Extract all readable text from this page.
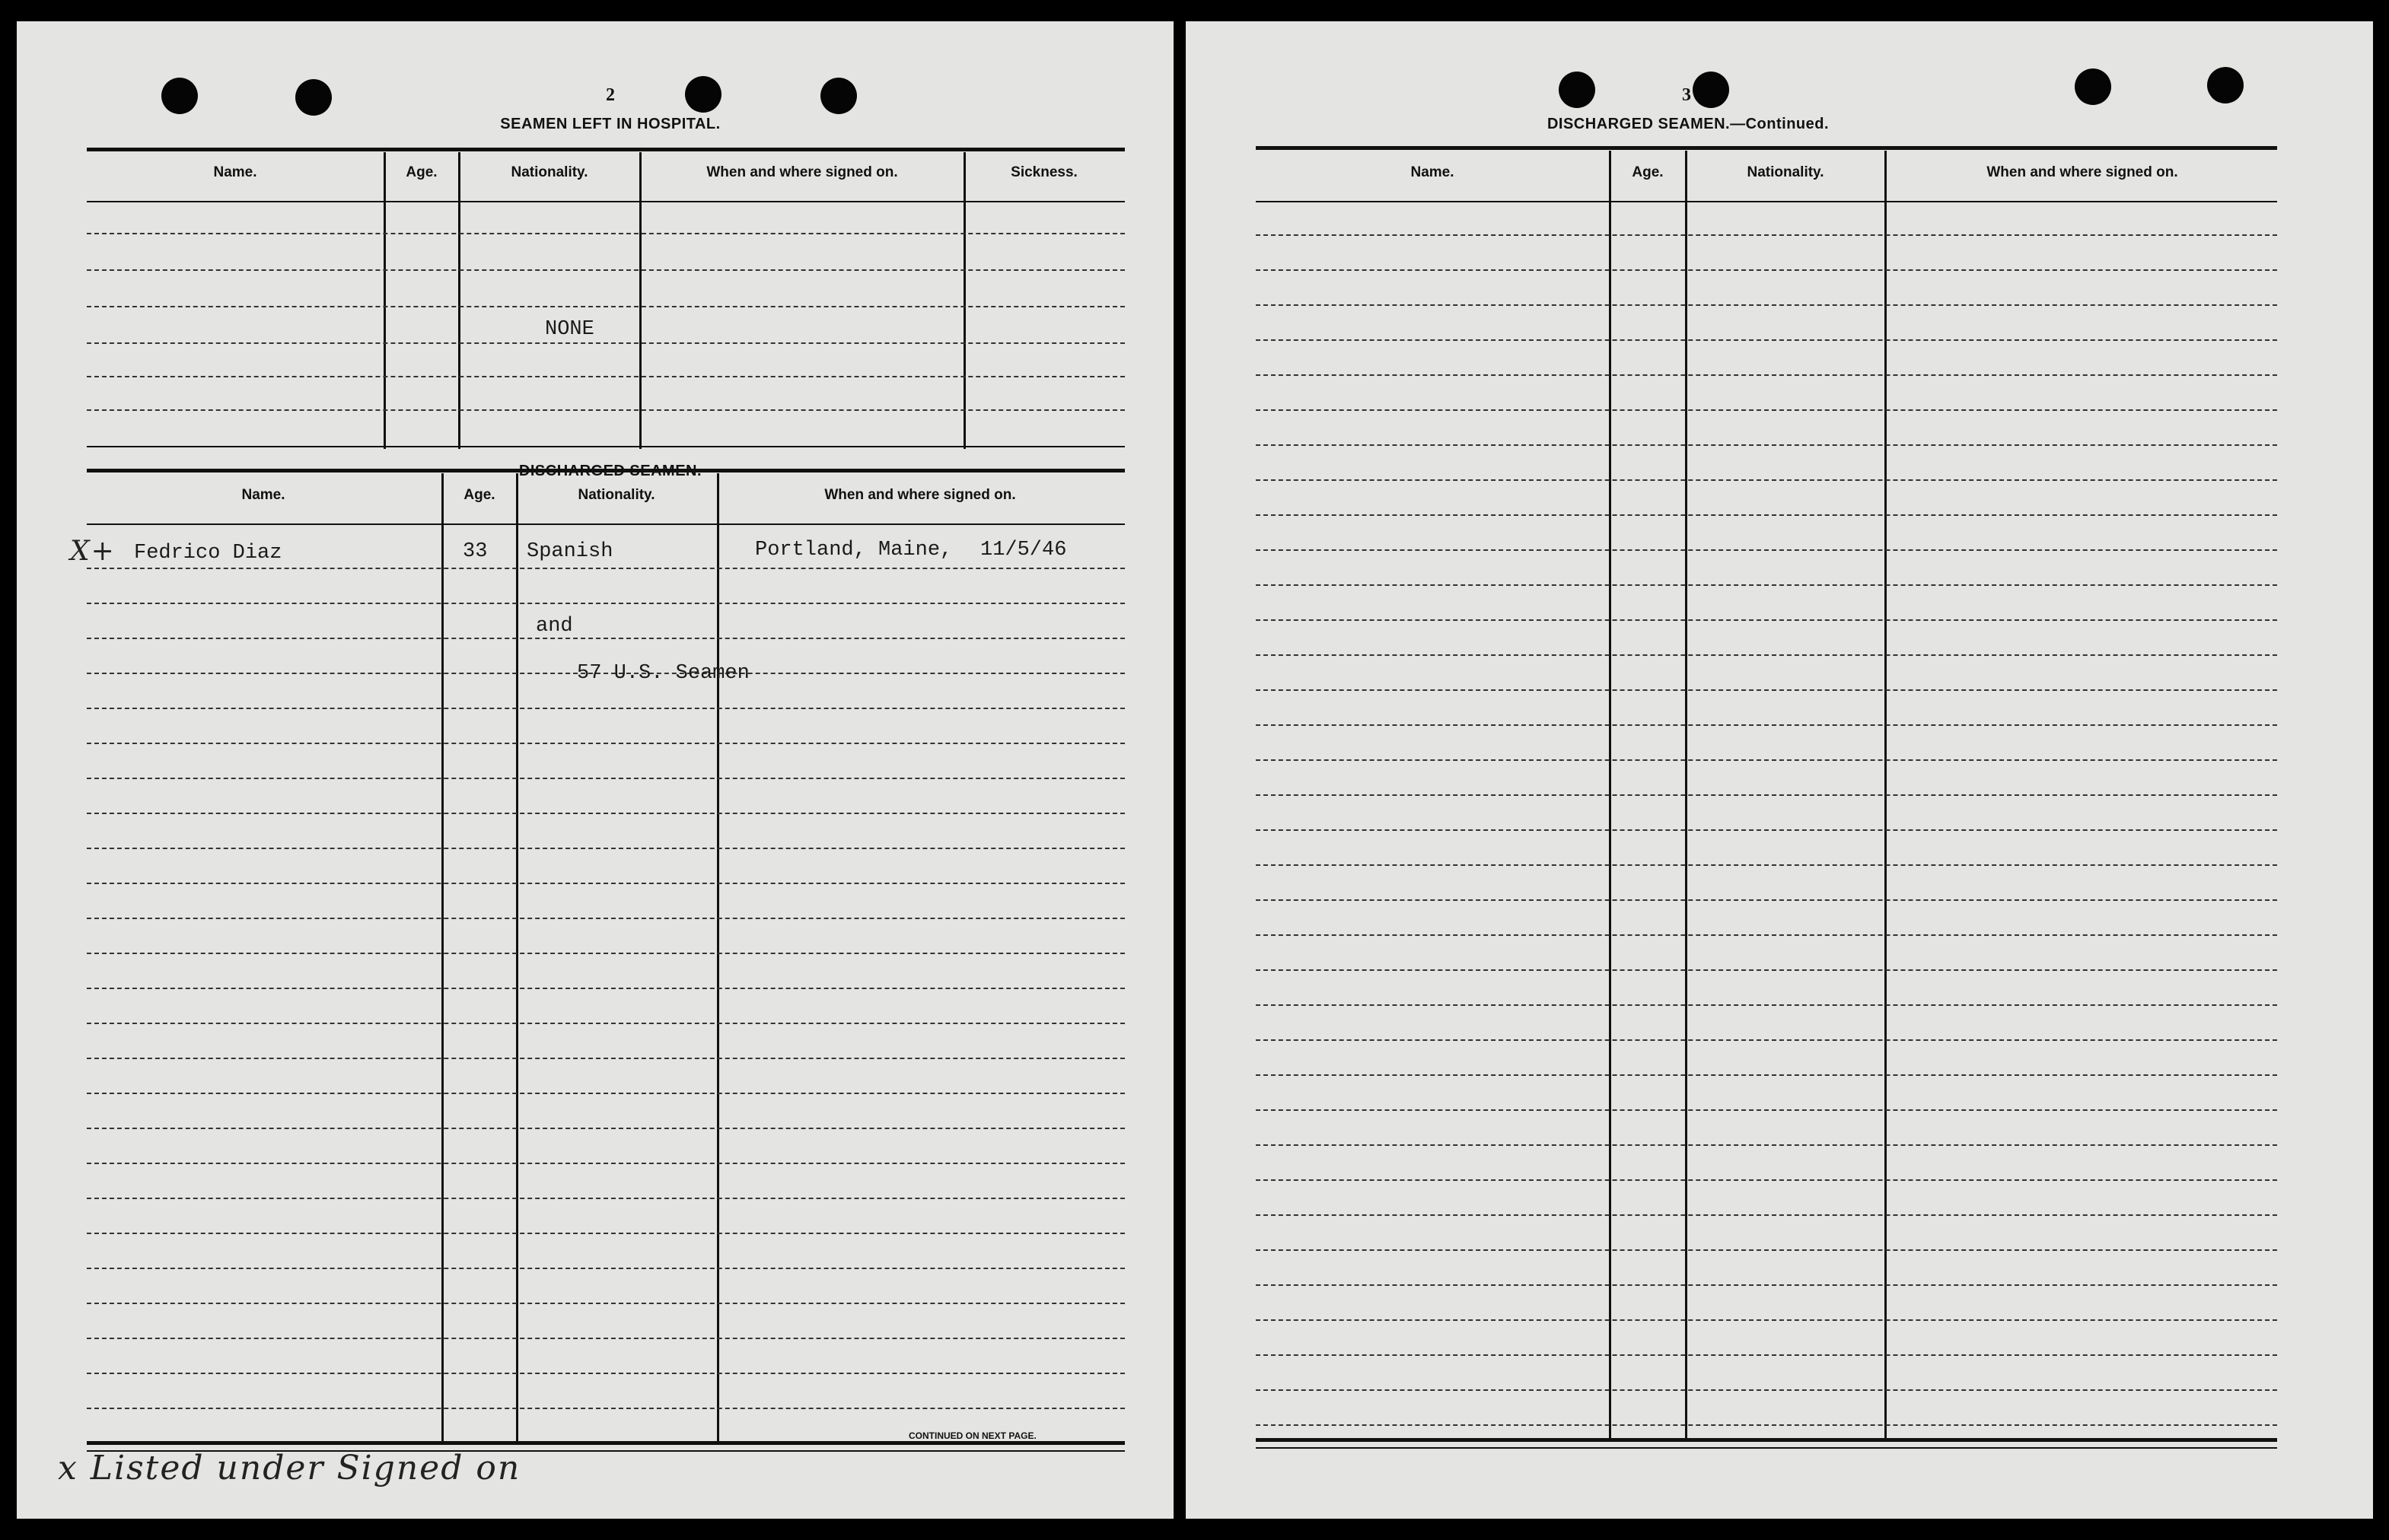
2
SEAMEN LEFT IN HOSPITAL.
Name.	Age.	Nationality.	When and where signed on.	Sickness.
NONE
Name.	Age.	Nationality.	When and where signed on.
X+ Fedrico Diaz	33 Spanish	Portland, Maine, 11/5/46
and
57 U.S. Seamen
CONTINUED ON NEXT PAGE.
x Listed under Signed on
3
DISCHARGED SEAMEN.—Continued.
Name.	Age.	Nationality.	When and where signed on.
